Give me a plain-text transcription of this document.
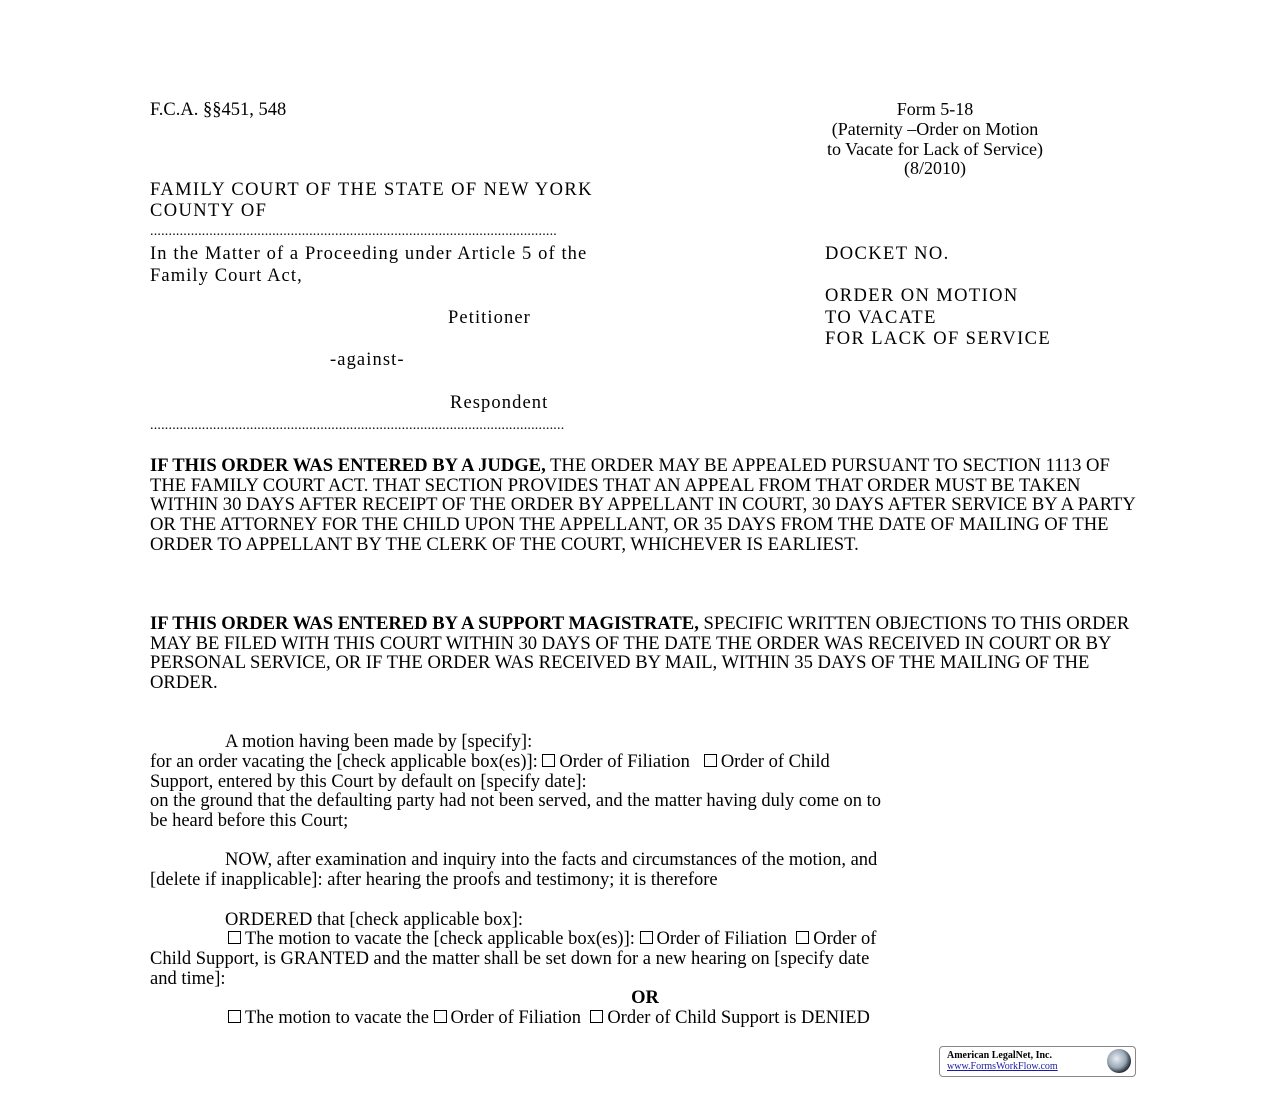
F.C.A. §§451, 548	Form 5-18
(Paternity –Order on Motion
to Vacate for Lack of Service)
(8/2010)
FAMILY COURT OF THE STATE OF NEW YORK
COUNTY OF
..............................................................................................................
In the Matter of a Proceeding under Article 5 of the
Family Court Act,
Petitioner
-against-
Respondent
................................................................................................................
DOCKET NO.
ORDER ON MOTION
TO VACATE
FOR LACK OF SERVICE
IF THIS ORDER WAS ENTERED BY A JUDGE, THE ORDER MAY BE APPEALED PURSUANT TO SECTION 1113 OF THE FAMILY COURT ACT. THAT SECTION PROVIDES THAT AN APPEAL FROM THAT ORDER MUST BE TAKEN WITHIN 30 DAYS AFTER RECEIPT OF THE ORDER BY APPELLANT IN COURT, 30 DAYS AFTER SERVICE BY A PARTY OR THE ATTORNEY FOR THE CHILD UPON THE APPELLANT, OR 35 DAYS FROM THE DATE OF MAILING OF THE ORDER TO APPELLANT BY THE CLERK OF THE COURT, WHICHEVER IS EARLIEST.
IF THIS ORDER WAS ENTERED BY A SUPPORT MAGISTRATE, SPECIFIC WRITTEN OBJECTIONS TO THIS ORDER MAY BE FILED WITH THIS COURT WITHIN 30 DAYS OF THE DATE THE ORDER WAS RECEIVED IN COURT OR BY PERSONAL SERVICE, OR IF THE ORDER WAS RECEIVED BY MAIL, WITHIN 35 DAYS OF THE MAILING OF THE ORDER.
A motion having been made by [specify]:
for an order vacating the [check applicable box(es)]: Order of Filiation Order of Child
Support, entered by this Court by default on [specify date]:
on the ground that the defaulting party had not been served, and the matter having duly come on to
be heard before this Court;
NOW, after examination and inquiry into the facts and circumstances of the motion, and
[delete if inapplicable]: after hearing the proofs and testimony; it is therefore
ORDERED that [check applicable box]:
The motion to vacate the [check applicable box(es)]: Order of Filiation Order of
Child Support, is GRANTED and the matter shall be set down for a new hearing on [specify date
and time]:
OR
The motion to vacate the Order of Filiation Order of Child Support is DENIED
American LegalNet, Inc.
www.FormsWorkFlow.com
